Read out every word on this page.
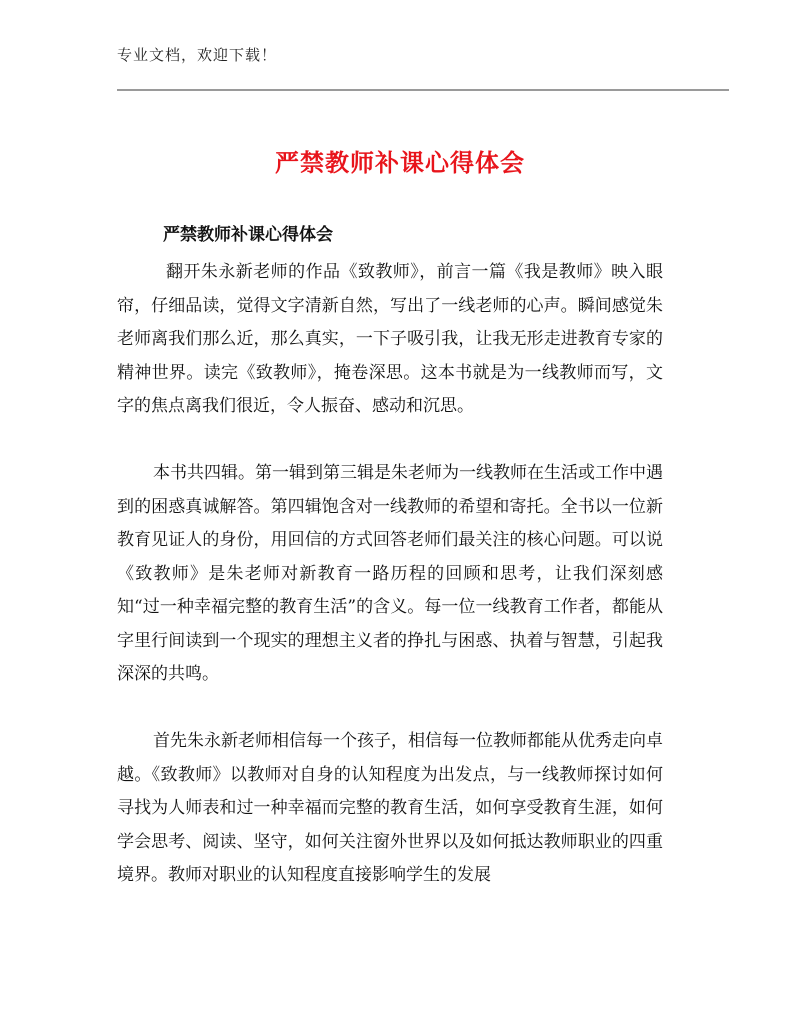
专业文档，欢迎下载！
严禁教师补课心得体会
严禁教师补课心得体会

翻开朱永新老师的作品《致教师》，前言一篇《我是教师》映入眼帘，仔细品读，觉得文字清新自然，写出了一线老师的心声。瞬间感觉朱老师离我们那么近，那么真实，一下子吸引我，让我无形走进教育专家的精神世界。读完《致教师》，掩卷深思。这本书就是为一线教师而写，文字的焦点离我们很近，令人振奋、感动和沉思。

本书共四辑。第一辑到第三辑是朱老师为一线教师在生活或工作中遇到的困惑真诚解答。第四辑饱含对一线教师的希望和寄托。全书以一位新教育见证人的身份，用回信的方式回答老师们最关注的核心问题。可以说《致教师》是朱老师对新教育一路历程的回顾和思考，让我们深刻感知“过一种幸福完整的教育生活”的含义。每一位一线教育工作者，都能从字里行间读到一个现实的理想主义者的挣扎与困惑、执着与智慧，引起我深深的共鸣。

首先朱永新老师相信每一个孩子，相信每一位教师都能从优秀走向卓越。《致教师》以教师对自身的认知程度为出发点，与一线教师探讨如何寻找为人师表和过一种幸福而完整的教育生活，如何享受教育生涯，如何学会思考、阅读、坚守，如何关注窗外世界以及如何抵达教师职业的四重境界。教师对职业的认知程度直接影响学生的发展
